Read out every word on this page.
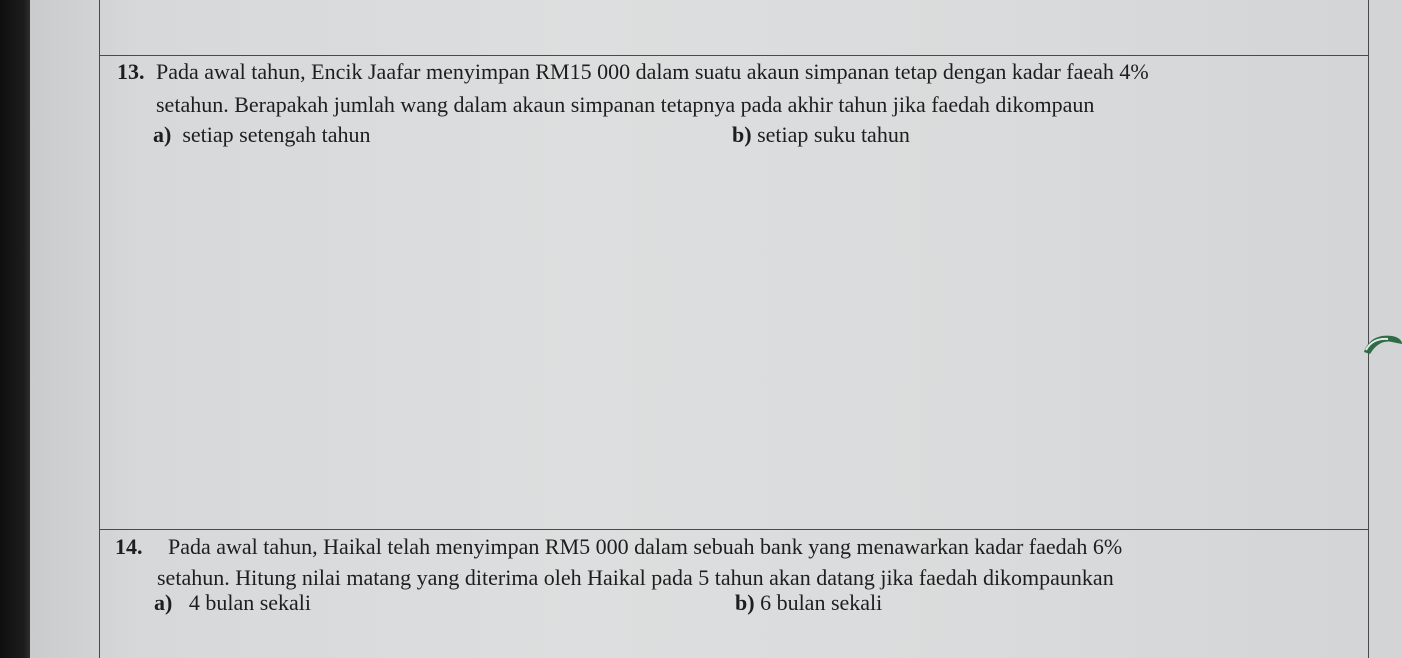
13. Pada awal tahun, Encik Jaafar menyimpan RM15 000 dalam suatu akaun simpanan tetap dengan kadar faeah 4%
setahun. Berapakah jumlah wang dalam akaun simpanan tetapnya pada akhir tahun jika faedah dikompaun
a) setiap setengah tahun	b) setiap suku tahun
14. Pada awal tahun, Haikal telah menyimpan RM5 000 dalam sebuah bank yang menawarkan kadar faedah 6%
setahun. Hitung nilai matang yang diterima oleh Haikal pada 5 tahun akan datang jika faedah dikompaunkan
a) 4 bulan sekali	b) 6 bulan sekali
